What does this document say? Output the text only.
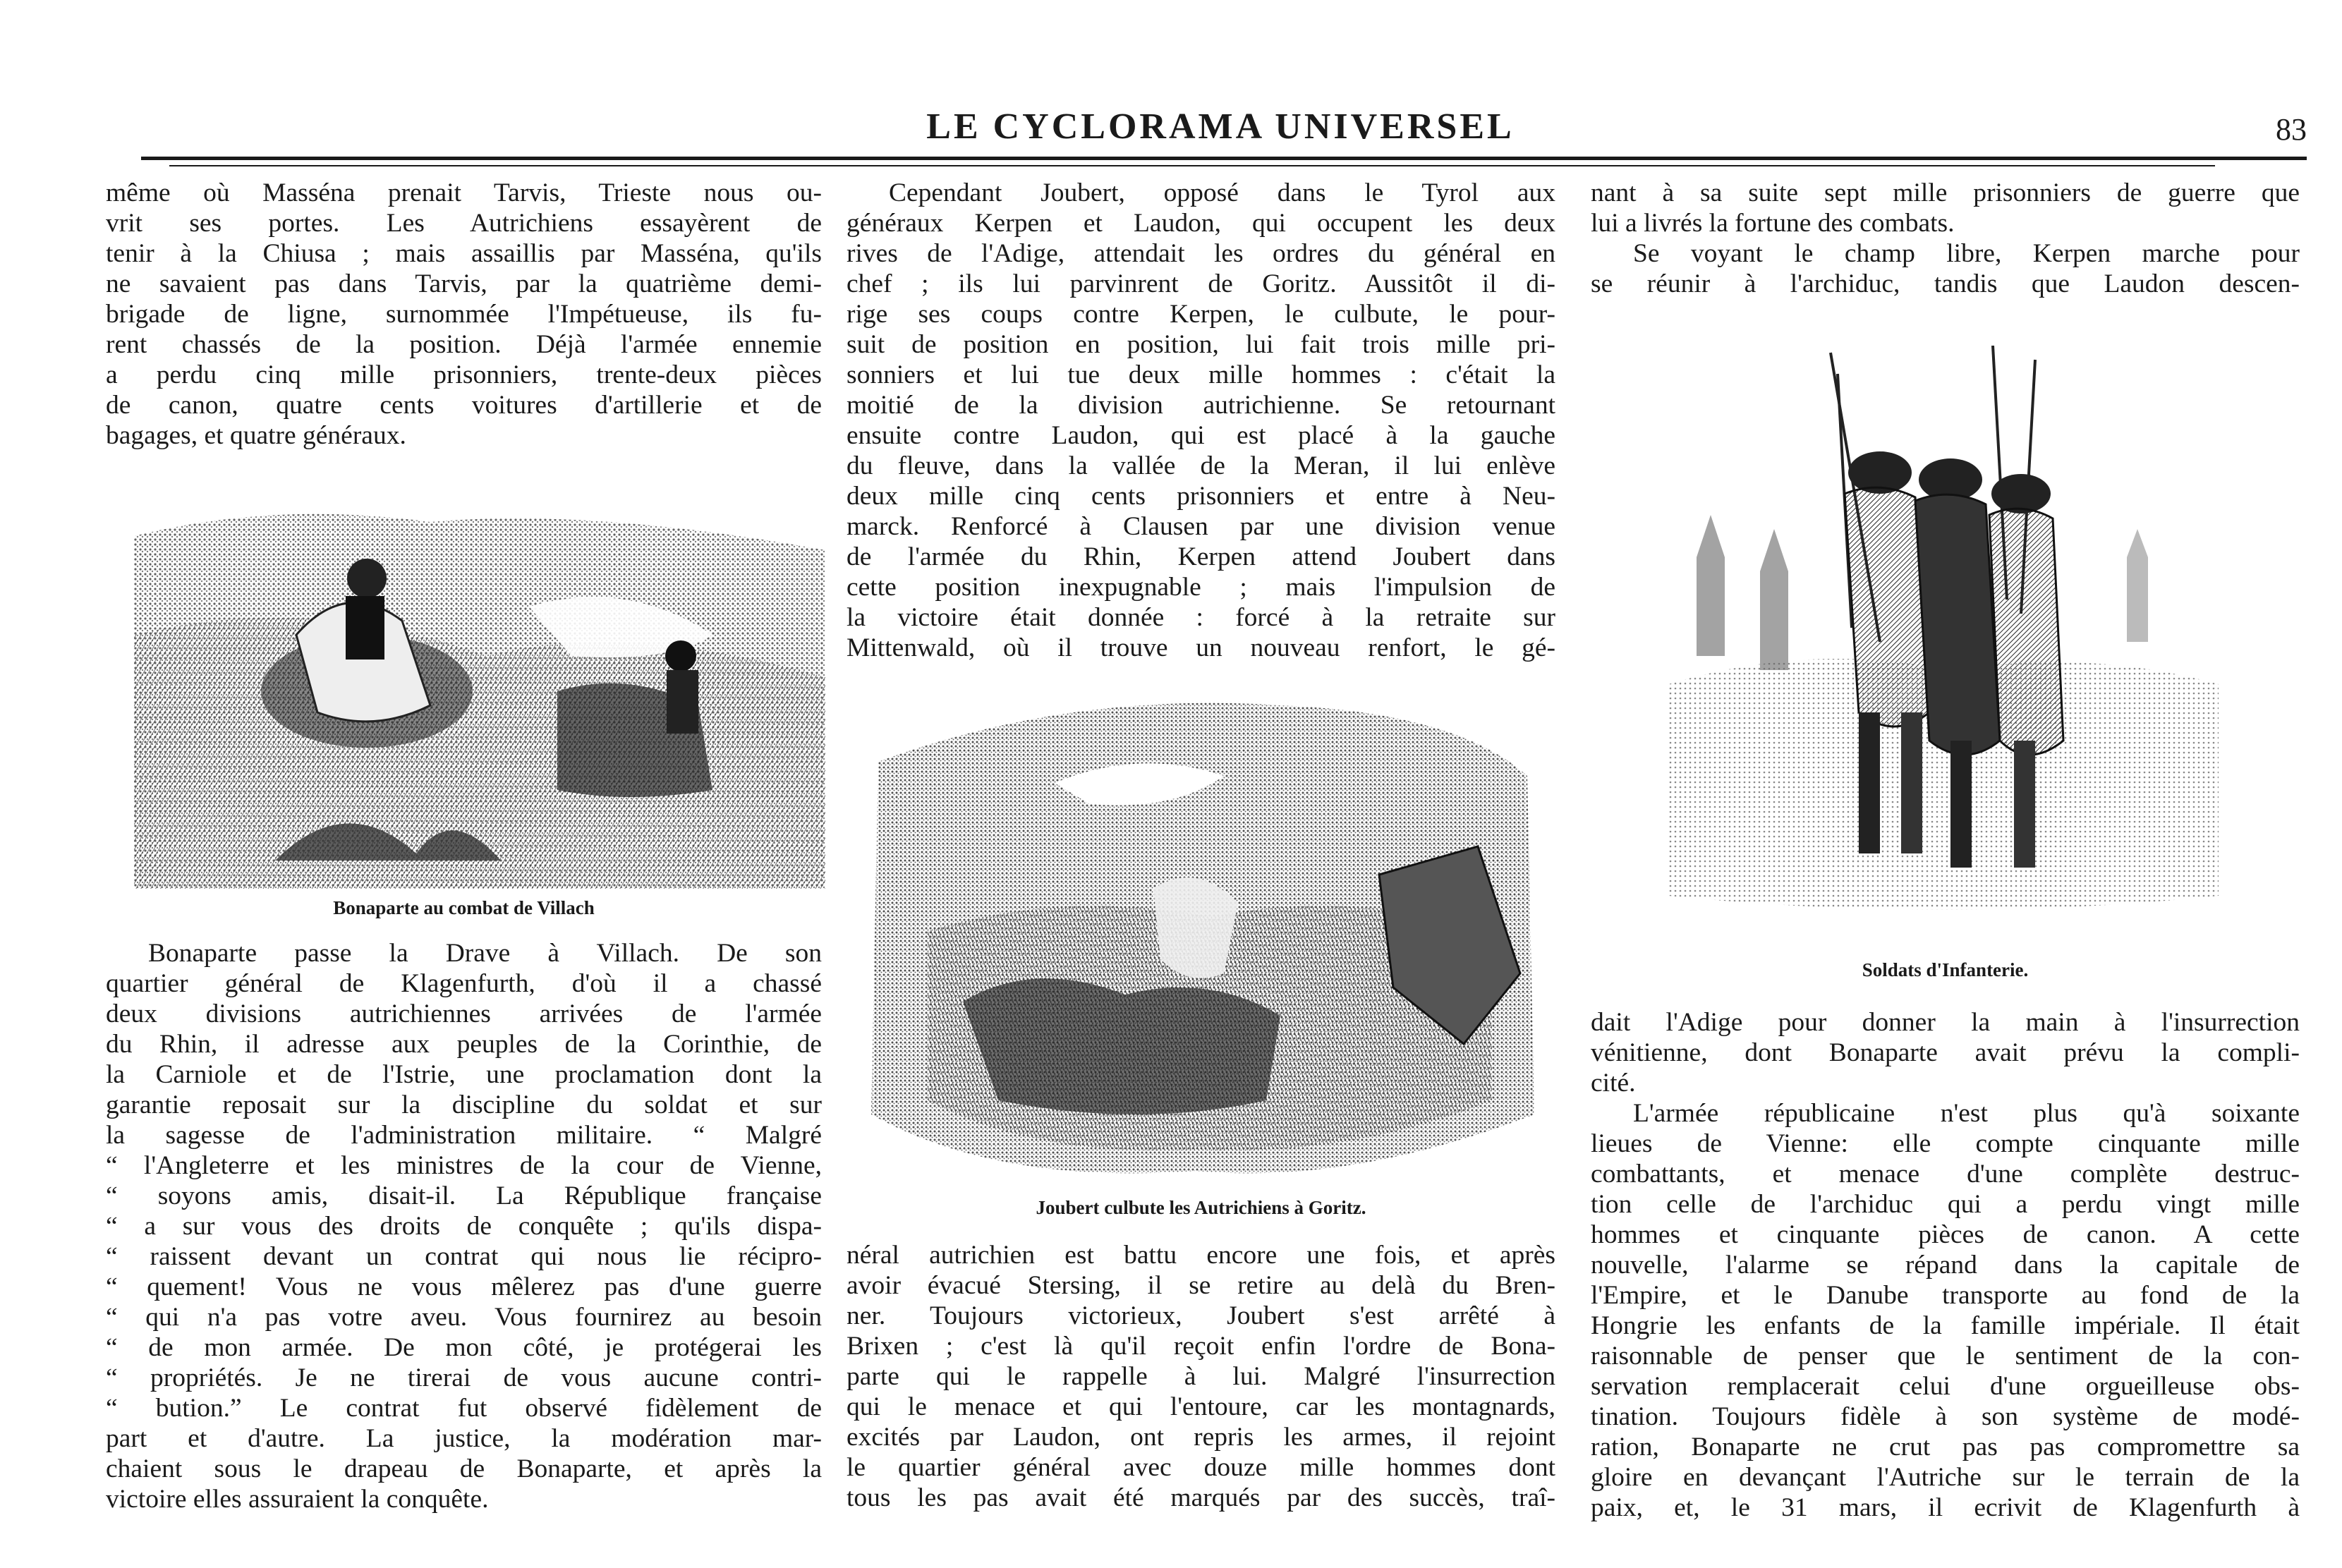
LE CYCLORAMA UNIVERSEL	83
même où Masséna prenait Tarvis, Trieste nous ou-
vrit ses portes. Les Autrichiens essayèrent de
tenir à la Chiusa ; mais assaillis par Masséna, qu'ils
ne savaient pas dans Tarvis, par la quatrième demi-
brigade de ligne, surnommée l'Impétueuse, ils fu-
rent chassés de la position. Déjà l'armée ennemie
a perdu cinq mille prisonniers, trente-deux pièces
de canon, quatre cents voitures d'artillerie et de
bagages, et quatre généraux.
Bonaparte au combat de Villach
Bonaparte passe la Drave à Villach. De son
quartier général de Klagenfurth, d'où il a chassé
deux divisions autrichiennes arrivées de l'armée
du Rhin, il adresse aux peuples de la Corinthie, de
la Carniole et de l'Istrie, une proclamation dont la
garantie reposait sur la discipline du soldat et sur
la sagesse de l'administration militaire. “ Malgré
“ l'Angleterre et les ministres de la cour de Vienne,
“ soyons amis, disait-il. La République française
“ a sur vous des droits de conquête ; qu'ils dispa-
“ raissent devant un contrat qui nous lie récipro-
“ quement! Vous ne vous mêlerez pas d'une guerre
“ qui n'a pas votre aveu. Vous fournirez au besoin
“ de mon armée. De mon côté, je protégerai les
“ propriétés. Je ne tirerai de vous aucune contri-
“ bution.” Le contrat fut observé fidèlement de
part et d'autre. La justice, la modération mar-
chaient sous le drapeau de Bonaparte, et après la
victoire elles assuraient la conquête.
Cependant Joubert, opposé dans le Tyrol aux
généraux Kerpen et Laudon, qui occupent les deux
rives de l'Adige, attendait les ordres du général en
chef ; ils lui parvinrent de Goritz. Aussitôt il di-
rige ses coups contre Kerpen, le culbute, le pour-
suit de position en position, lui fait trois mille pri-
sonniers et lui tue deux mille hommes : c'était la
moitié de la division autrichienne. Se retournant
ensuite contre Laudon, qui est placé à la gauche
du fleuve, dans la vallée de la Meran, il lui enlève
deux mille cinq cents prisonniers et entre à Neu-
marck. Renforcé à Clausen par une division venue
de l'armée du Rhin, Kerpen attend Joubert dans
cette position inexpugnable ; mais l'impulsion de
la victoire était donnée : forcé à la retraite sur
Mittenwald, où il trouve un nouveau renfort, le gé-
Joubert culbute les Autrichiens à Goritz.
néral autrichien est battu encore une fois, et après
avoir évacué Stersing, il se retire au delà du Bren-
ner. Toujours victorieux, Joubert s'est arrêté à
Brixen ; c'est là qu'il reçoit enfin l'ordre de Bona-
parte qui le rappelle à lui. Malgré l'insurrection
qui le menace et qui l'entoure, car les montagnards,
excités par Laudon, ont repris les armes, il rejoint
le quartier général avec douze mille hommes dont
tous les pas avait été marqués par des succès, traî-
nant à sa suite sept mille prisonniers de guerre que
lui a livrés la fortune des combats.
Se voyant le champ libre, Kerpen marche pour
se réunir à l'archiduc, tandis que Laudon descen-
Soldats d'Infanterie.
dait l'Adige pour donner la main à l'insurrection
vénitienne, dont Bonaparte avait prévu la compli-
cité.
L'armée républicaine n'est plus qu'à soixante
lieues de Vienne: elle compte cinquante mille
combattants, et menace d'une complète destruc-
tion celle de l'archiduc qui a perdu vingt mille
hommes et cinquante pièces de canon. A cette
nouvelle, l'alarme se répand dans la capitale de
l'Empire, et le Danube transporte au fond de la
Hongrie les enfants de la famille impériale. Il était
raisonnable de penser que le sentiment de la con-
servation remplacerait celui d'une orgueilleuse obs-
tination. Toujours fidèle à son système de modé-
ration, Bonaparte ne crut pas pas compromettre sa
gloire en devançant l'Autriche sur le terrain de la
paix, et, le 31 mars, il ecrivit de Klagenfurth à
